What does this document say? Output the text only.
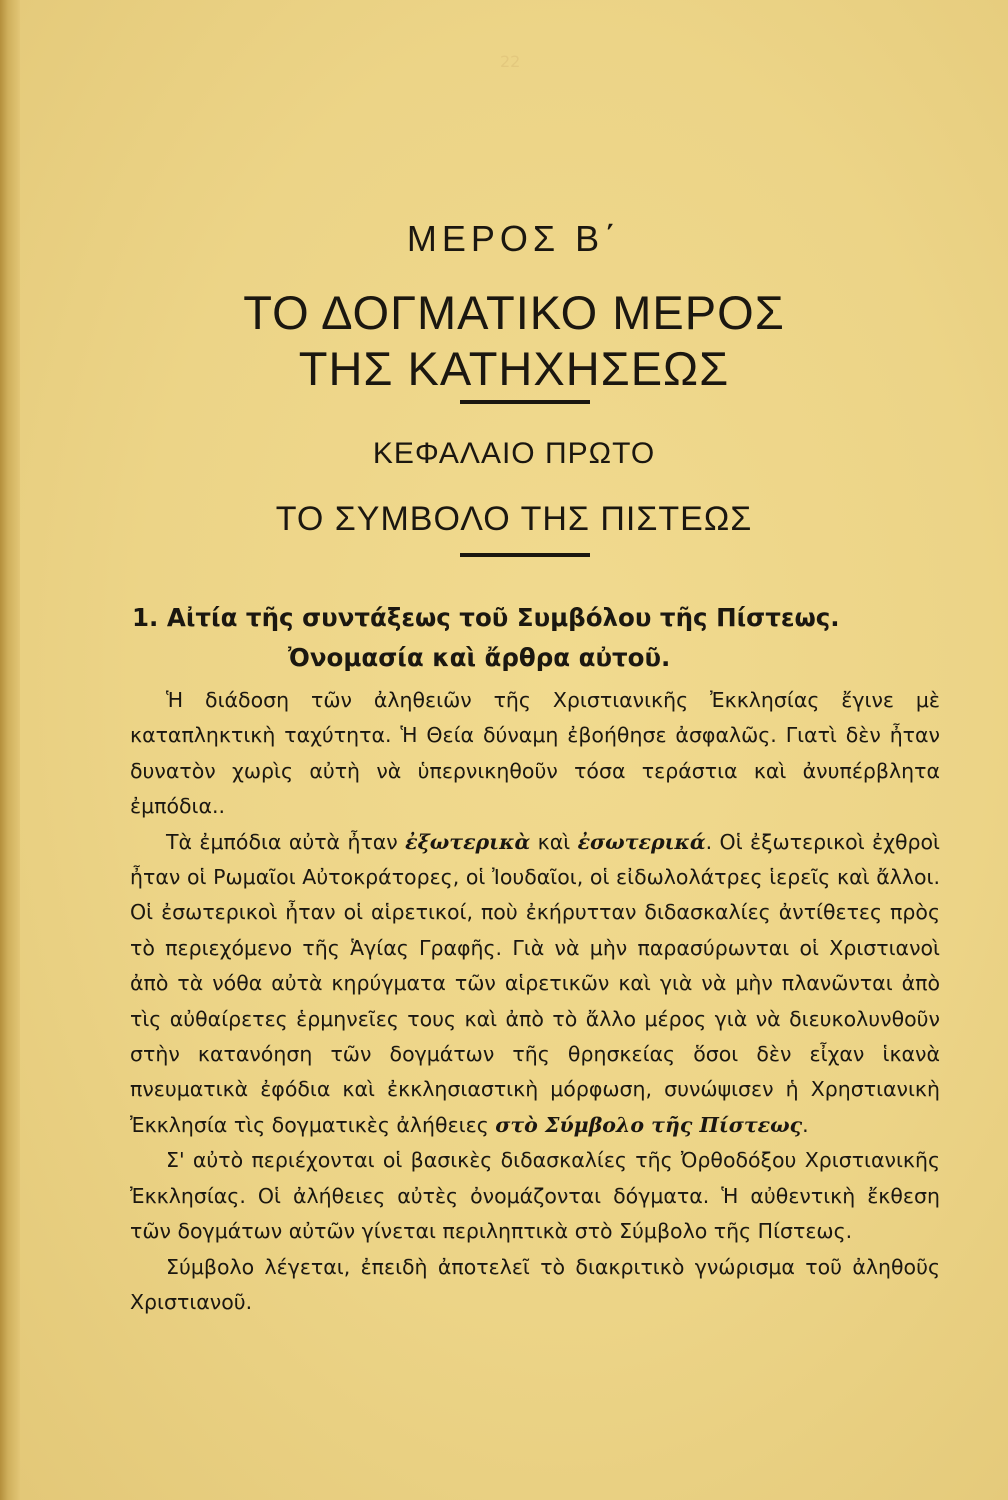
22
ΜΕΡΟΣ Β΄
ΤΟ ΔΟΓΜΑΤΙΚΟ ΜΕΡΟΣ
ΤΗΣ ΚΑΤΗΧΗΣΕΩΣ
ΚΕΦΑΛΑΙΟ ΠΡΩΤΟ
ΤΟ ΣΥΜΒΟΛΟ ΤΗΣ ΠΙΣΤΕΩΣ
1. Αἰτία τῆς συντάξεως τοῦ Συμβόλου τῆς Πίστεως.
Ὀνομασία καὶ ἄρθρα αὐτοῦ.

Ἡ διάδοση τῶν ἀληθειῶν τῆς Χριστιανικῆς Ἐκκλησίας ἔγινε μὲ καταπληκτικὴ ταχύτητα. Ἡ Θεία δύναμη ἐβοήθησε ἀσφαλῶς. Γιατὶ δὲν ἦταν δυνατὸν χωρὶς αὐτὴ νὰ ὑπερνικηθοῦν τόσα τεράστια καὶ ἀνυπέρβλητα ἐμπόδια..

Τὰ ἐμπόδια αὐτὰ ἦταν ἐξωτερικὰ καὶ ἐσωτερικά. Οἱ ἐξωτερικοὶ ἐχθροὶ ἦταν οἱ Ρωμαῖοι Αὐτοκράτορες, οἱ Ἰουδαῖοι, οἱ εἰδωλολάτρες ἱερεῖς καὶ ἄλλοι. Οἱ ἐσωτερικοὶ ἦταν οἱ αἱρετικοί, ποὺ ἐκήρυτταν διδασκαλίες ἀντίθετες πρὸς τὸ περιεχόμενο τῆς Ἁγίας Γραφῆς. Γιὰ νὰ μὴν παρασύρωνται οἱ Χριστιανοὶ ἀπὸ τὰ νόθα αὐτὰ κηρύγματα τῶν αἱρετικῶν καὶ γιὰ νὰ μὴν πλανῶνται ἀπὸ τὶς αὐθαίρετες ἑρμηνεῖες τους καὶ ἀπὸ τὸ ἄλλο μέρος γιὰ νὰ διευκολυνθοῦν στὴν κατανόηση τῶν δογμάτων τῆς θρησκείας ὅσοι δὲν εἶχαν ἱκανὰ πνευματικὰ ἐφόδια καὶ ἐκκλησιαστικὴ μόρφωση, συνώψισεν ἡ Χρηστιανικὴ Ἐκκλησία τὶς δογματικὲς ἀλήθειες στὸ Σύμβολο τῆς Πίστεως.

Σ' αὐτὸ περιέχονται οἱ βασικὲς διδασκαλίες τῆς Ὀρθοδόξου Χριστιανικῆς Ἐκκλησίας. Οἱ ἀλήθειες αὐτὲς ὀνομάζονται δόγματα. Ἡ αὐθεντικὴ ἔκθεση τῶν δογμάτων αὐτῶν γίνεται περιληπτικὰ στὸ Σύμβολο τῆς Πίστεως.

Σύμβολο λέγεται, ἐπειδὴ ἀποτελεῖ τὸ διακριτικὸ γνώρισμα τοῦ ἀληθοῦς Χριστιανοῦ.
